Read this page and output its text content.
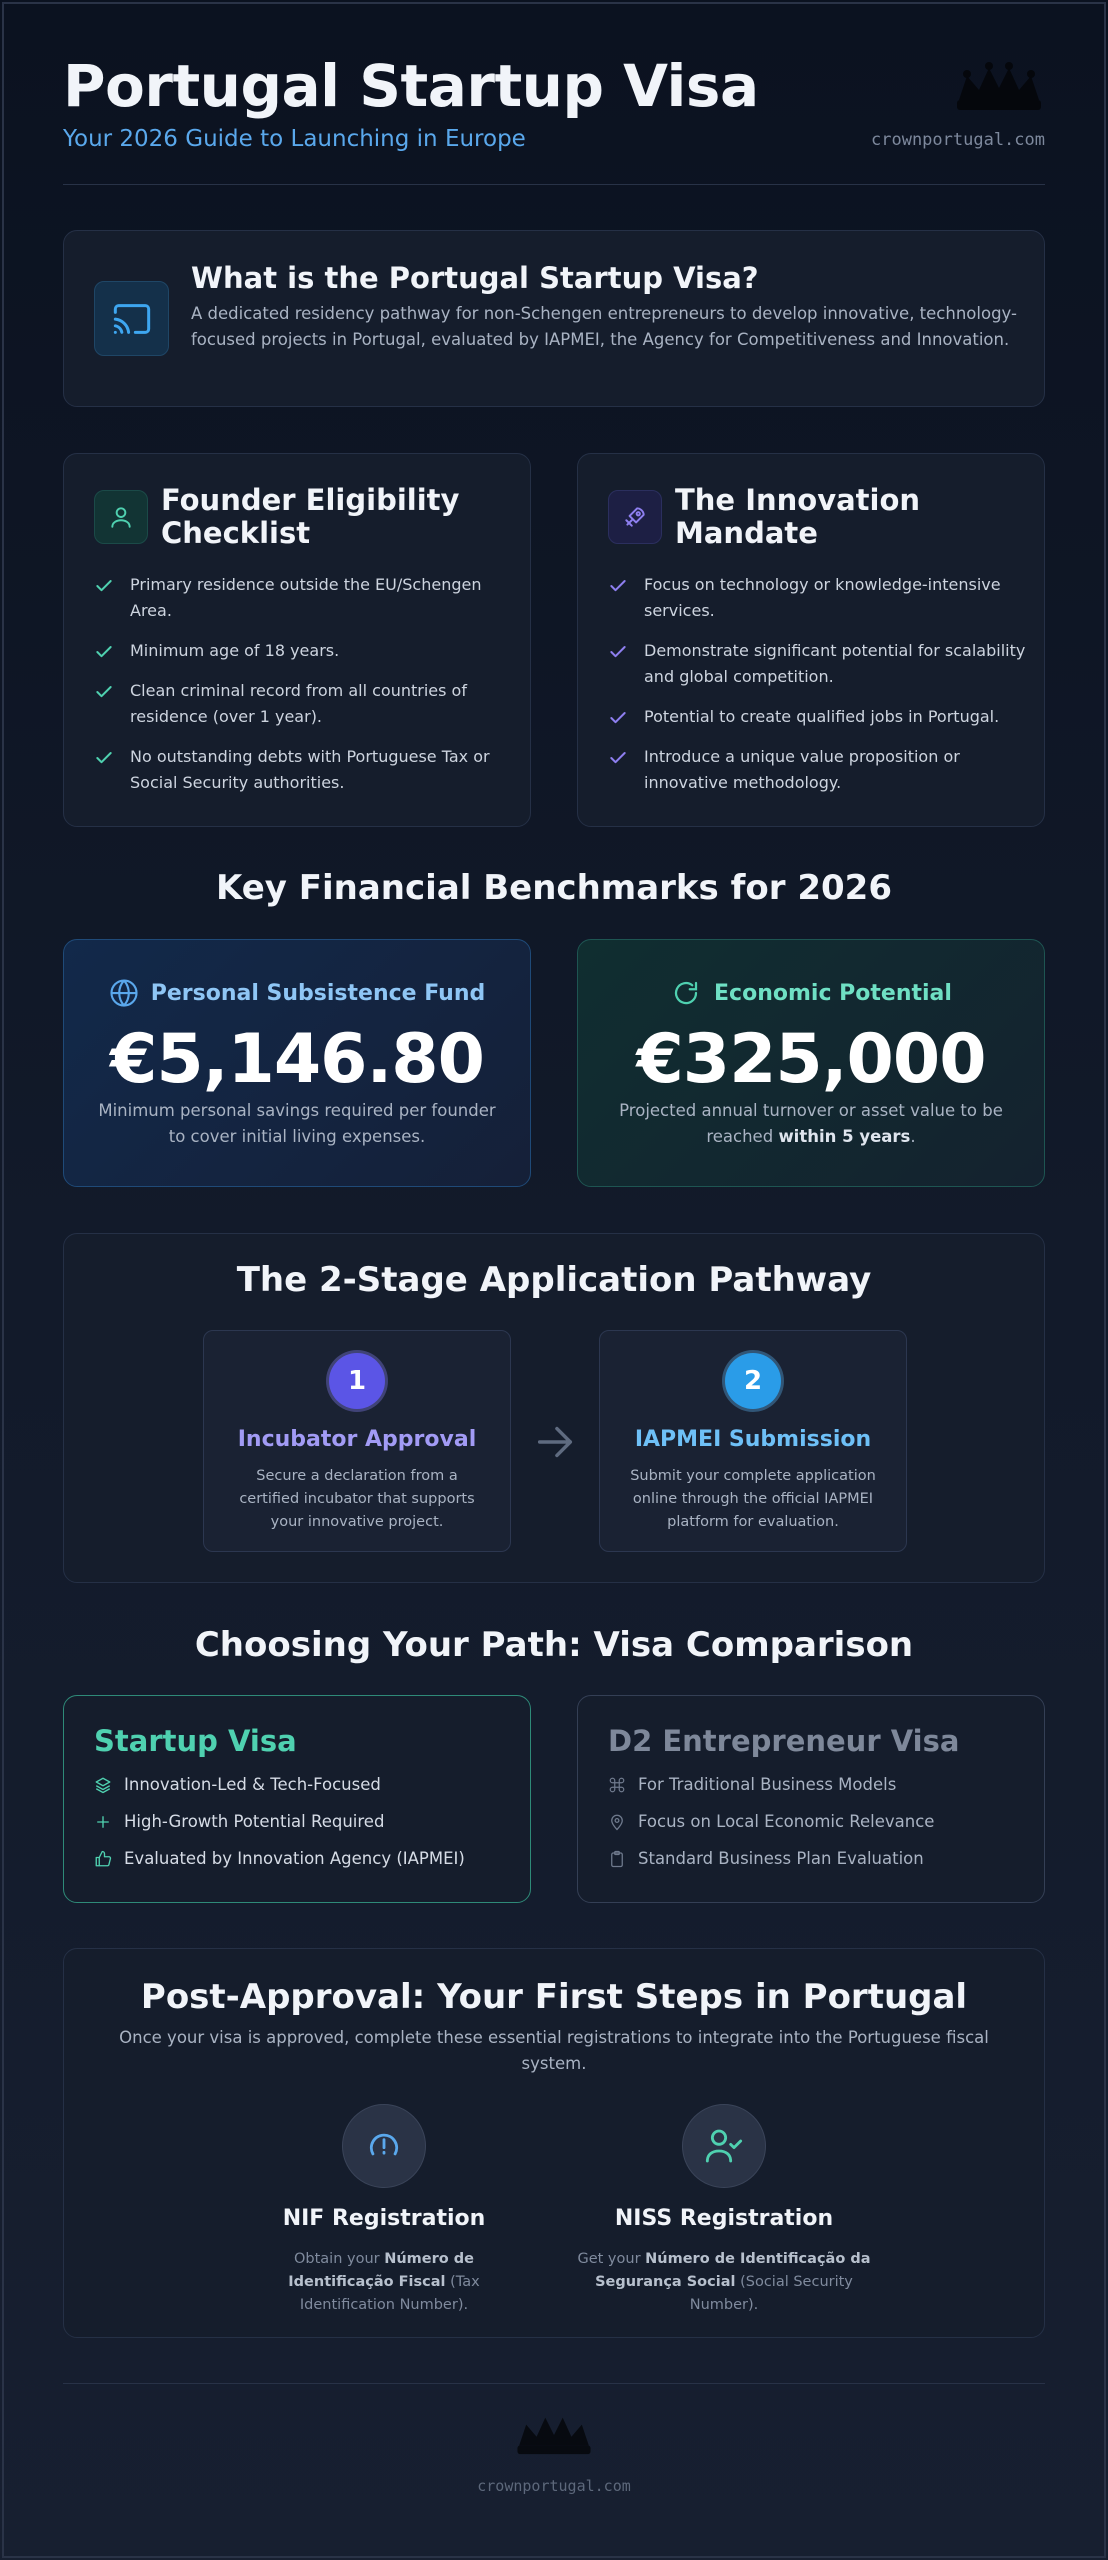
Portugal Startup Visa
Your 2026 Guide to Launching in Europe	crownportugal.com
What is the Portugal Startup Visa?
A dedicated residency pathway for non-Schengen entrepreneurs to develop innovative, technology-focused projects in Portugal, evaluated by IAPMEI, the Agency for Competitiveness and Innovation.
Founder Eligibility Checklist
Primary residence outside the EU/Schengen Area.
Minimum age of 18 years.
Clean criminal record from all countries of residence (over 1 year).
No outstanding debts with Portuguese Tax or Social Security authorities.
The Innovation Mandate
Focus on technology or knowledge-intensive services.
Demonstrate significant potential for scalability and global competition.
Potential to create qualified jobs in Portugal.
Introduce a unique value proposition or innovative methodology.
Key Financial Benchmarks for 2026
Personal Subsistence Fund
€5,146.80
Minimum personal savings required per founder to cover initial living expenses.
Economic Potential
€325,000
Projected annual turnover or asset value to be reached within 5 years.
The 2-Stage Application Pathway
1
Incubator Approval
Secure a declaration from a certified incubator that supports your innovative project.
2
IAPMEI Submission
Submit your complete application online through the official IAPMEI platform for evaluation.
Choosing Your Path: Visa Comparison
Startup Visa
Innovation-Led & Tech-Focused
High-Growth Potential Required
Evaluated by Innovation Agency (IAPMEI)
D2 Entrepreneur Visa
For Traditional Business Models
Focus on Local Economic Relevance
Standard Business Plan Evaluation
Post-Approval: Your First Steps in Portugal
Once your visa is approved, complete these essential registrations to integrate into the Portuguese fiscal system.
NIF Registration
Obtain your Número de Identificação Fiscal (Tax Identification Number).
NISS Registration
Get your Número de Identificação da Segurança Social (Social Security Number).
crownportugal.com
